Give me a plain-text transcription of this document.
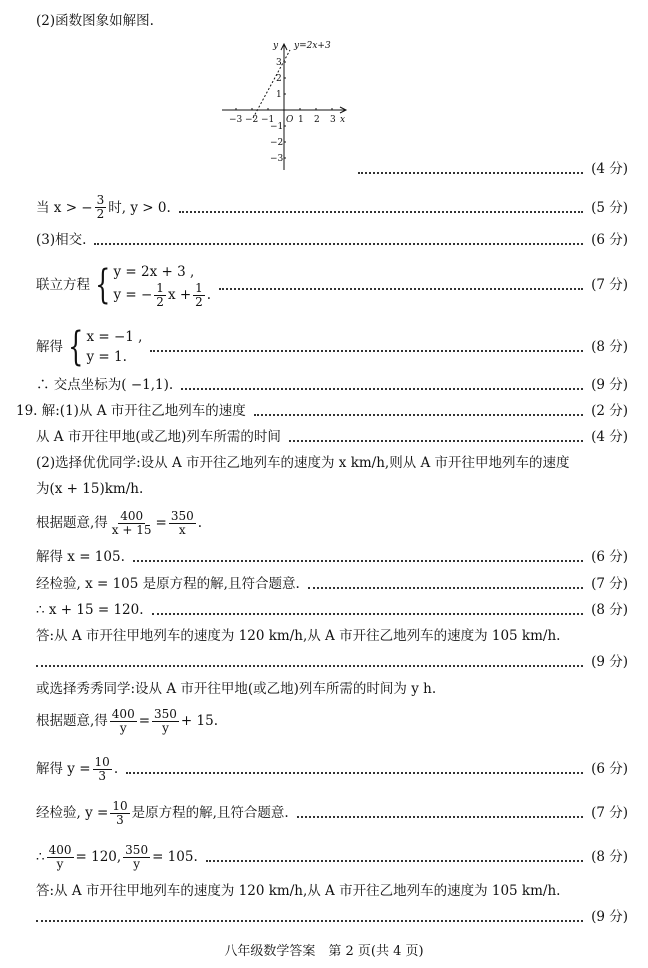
(2)函数图象如解图.
y=2x+3
y
x
O
−3 −2 −1	1 2 3
3
2
1
−1
−2
−3
(4 分)
当 x > − $\frac{3}{2}$ 时, y > 0.	(5 分)
(3)相交.	(6 分)
联立方程 { y = 2x + 3 ,
y = − $\frac{1}{2}$ $x + \frac{1}{2}$ .
(7 分)
解得 { x = −1 ,
y = 1.
(8 分)
∴ 交点坐标为( −1,1).	(9 分)
19. 解:(1)从 A 市开往乙地列车的速度	(2 分)
从 A 市开往甲地(或乙地)列车所需的时间	(4 分)
(2)选择优优同学:设从 A 市开往乙地列车的速度为 x km/h,则从 A 市开往甲地列车的速度
为(x + 15)km/h.
根据题意,得 $\frac{400}{x + 15} = \frac{350}{x}$ .
解得 x = 105.	(6 分)
经检验, x = 105 是原方程的解,且符合题意.	(7 分)
∴ x + 15 = 120.	(8 分)
答:从 A 市开往甲地列车的速度为 120 km/h,从 A 市开往乙地列车的速度为 105 km/h.
(9 分)
或选择秀秀同学:设从 A 市开往甲地(或乙地)列车所需的时间为 y h.
根据题意,得 $\frac{400}{y} = \frac{350}{y} + 15$.
解得 $y = \frac{10}{3}$ .	(6 分)
经检验, $y = \frac{10}{3}$ 是原方程的解,且符合题意.	(7 分)
∴ $\frac{400}{y} = 120$, $\frac{350}{y} = 105$.	(8 分)
答:从 A 市开往甲地列车的速度为 120 km/h,从 A 市开往乙地列车的速度为 105 km/h.
(9 分)
八年级数学答案　第 2 页(共 4 页)
